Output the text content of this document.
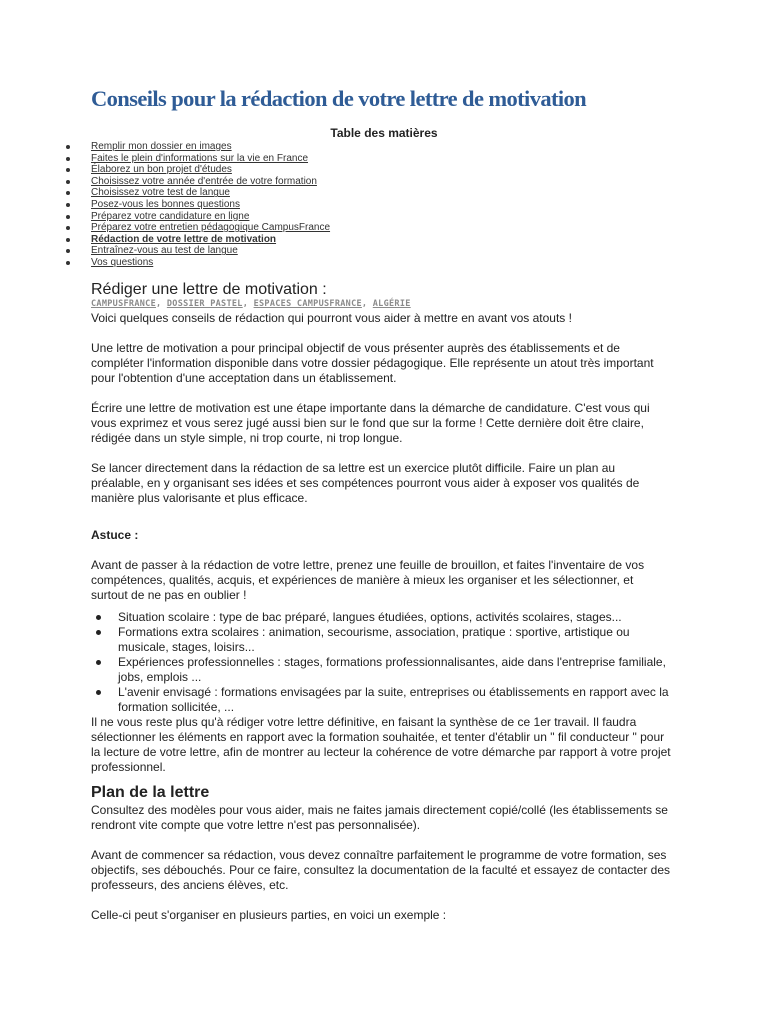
Conseils pour la rédaction de votre lettre de motivation
Table des matières
Remplir mon dossier en images
Faites le plein d'informations sur la vie en France
Élaborez un bon projet d'études
Choisissez votre année d'entrée de votre formation
Choisissez votre test de langue
Posez-vous les bonnes questions
Préparez votre candidature en ligne
Préparez votre entretien pédagogique CampusFrance
Rédaction de votre lettre de motivation
Entraînez-vous au test de langue
Vos questions
Rédiger une lettre de motivation :
CAMPUSFRANCE, DOSSIER PASTEL, ESPACES CAMPUSFRANCE, ALGÉRIE

Voici quelques conseils de rédaction qui pourront vous aider à mettre en avant vos atouts !

Une lettre de motivation a pour principal objectif de vous présenter auprès des établissements et de compléter l'information disponible dans votre dossier pédagogique. Elle représente un atout très important pour l'obtention d'une acceptation dans un établissement.

Écrire une lettre de motivation est une étape importante dans la démarche de candidature. C'est vous qui vous exprimez et vous serez jugé aussi bien sur le fond que sur la forme ! Cette dernière doit être claire, rédigée dans un style simple, ni trop courte, ni trop longue.

Se lancer directement dans la rédaction de sa lettre est un exercice plutôt difficile. Faire un plan au préalable, en y organisant ses idées et ses compétences pourront vous aider à exposer vos qualités de manière plus valorisante et plus efficace.

Astuce :

Avant de passer à la rédaction de votre lettre, prenez une feuille de brouillon, et faites l'inventaire de vos compétences, qualités, acquis, et expériences de manière à mieux les organiser et les sélectionner, et surtout de ne pas en oublier !

Situation scolaire : type de bac préparé, langues étudiées, options, activités scolaires, stages...
Formations extra scolaires : animation, secourisme, association, pratique : sportive, artistique ou musicale, stages, loisirs...
Expériences professionnelles : stages, formations professionnalisantes, aide dans l'entreprise familiale, jobs, emplois ...
L'avenir envisagé : formations envisagées par la suite, entreprises ou établissements en rapport avec la formation sollicitée, ...

Il ne vous reste plus qu'à rédiger votre lettre définitive, en faisant la synthèse de ce 1er travail. Il faudra sélectionner les éléments en rapport avec la formation souhaitée, et tenter d'établir un " fil conducteur " pour la lecture de votre lettre, afin de montrer au lecteur la cohérence de votre démarche par rapport à votre projet professionnel.

Plan de la lettre

Consultez des modèles pour vous aider, mais ne faites jamais directement copié/collé (les établissements se rendront vite compte que votre lettre n'est pas personnalisée).

Avant de commencer sa rédaction, vous devez connaître parfaitement le programme de votre formation, ses objectifs, ses débouchés. Pour ce faire, consultez la documentation de la faculté et essayez de contacter des professeurs, des anciens élèves, etc.

Celle-ci peut s'organiser en plusieurs parties, en voici un exemple :
